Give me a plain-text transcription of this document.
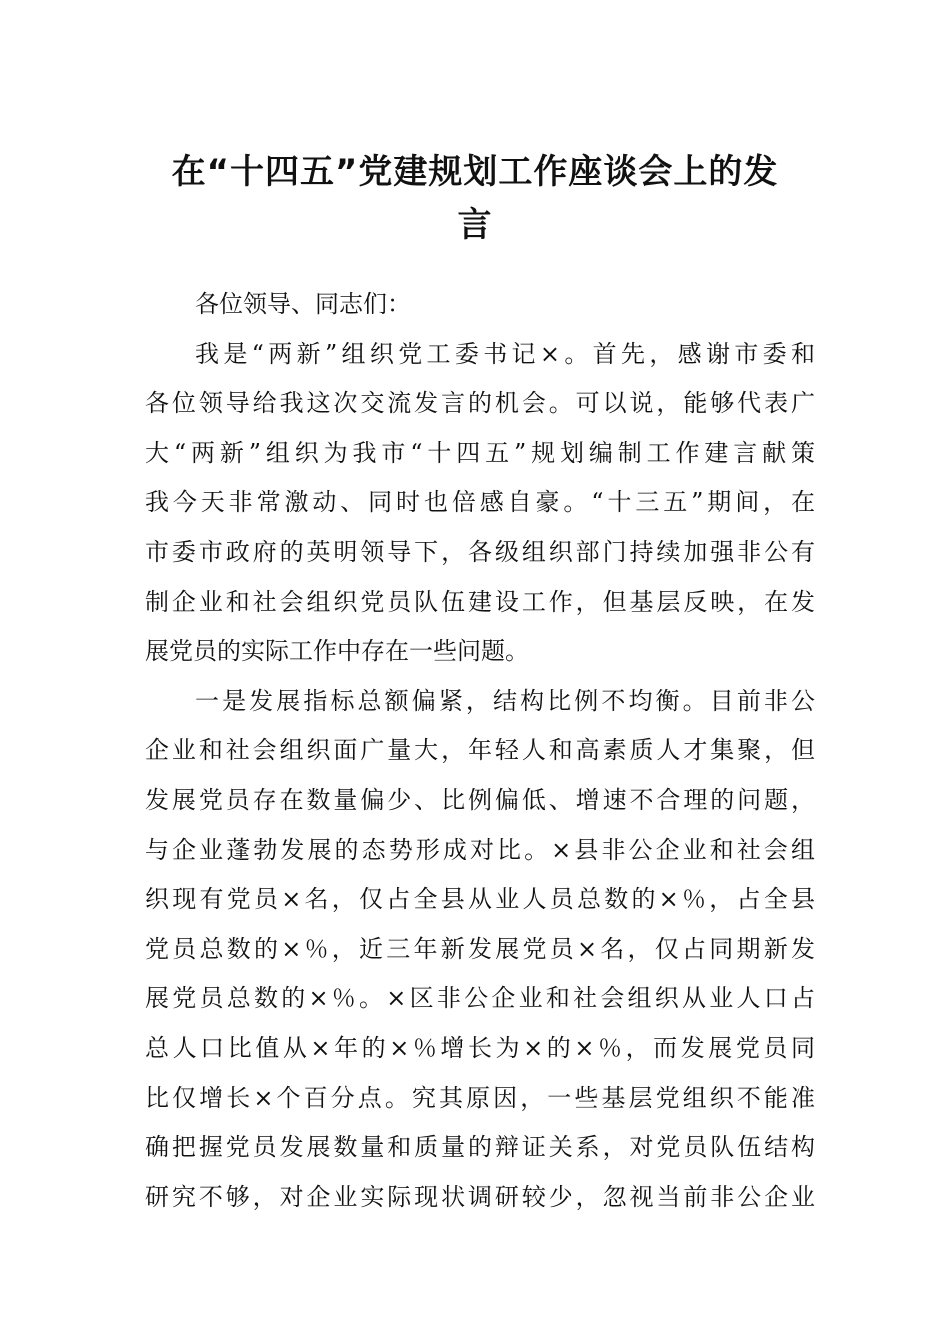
在“十四五”党建规划工作座谈会上的发
言
各位领导、同志们：
我是“两新”组织党工委书记×。首先，感谢市委和
各位领导给我这次交流发言的机会。可以说，能够代表广
大“两新”组织为我市“十四五”规划编制工作建言献策
我今天非常激动、同时也倍感自豪。“十三五”期间，在
市委市政府的英明领导下，各级组织部门持续加强非公有
制企业和社会组织党员队伍建设工作，但基层反映，在发
展党员的实际工作中存在一些问题。
一是发展指标总额偏紧，结构比例不均衡。目前非公
企业和社会组织面广量大，年轻人和高素质人才集聚，但
发展党员存在数量偏少、比例偏低、增速不合理的问题，
与企业蓬勃发展的态势形成对比。×县非公企业和社会组
织现有党员×名，仅占全县从业人员总数的×％，占全县
党员总数的×％，近三年新发展党员×名，仅占同期新发
展党员总数的×％。×区非公企业和社会组织从业人口占
总人口比值从×年的×％增长为×的×％，而发展党员同
比仅增长×个百分点。究其原因，一些基层党组织不能准
确把握党员发展数量和质量的辩证关系，对党员队伍结构
研究不够，对企业实际现状调研较少，忽视当前非公企业
